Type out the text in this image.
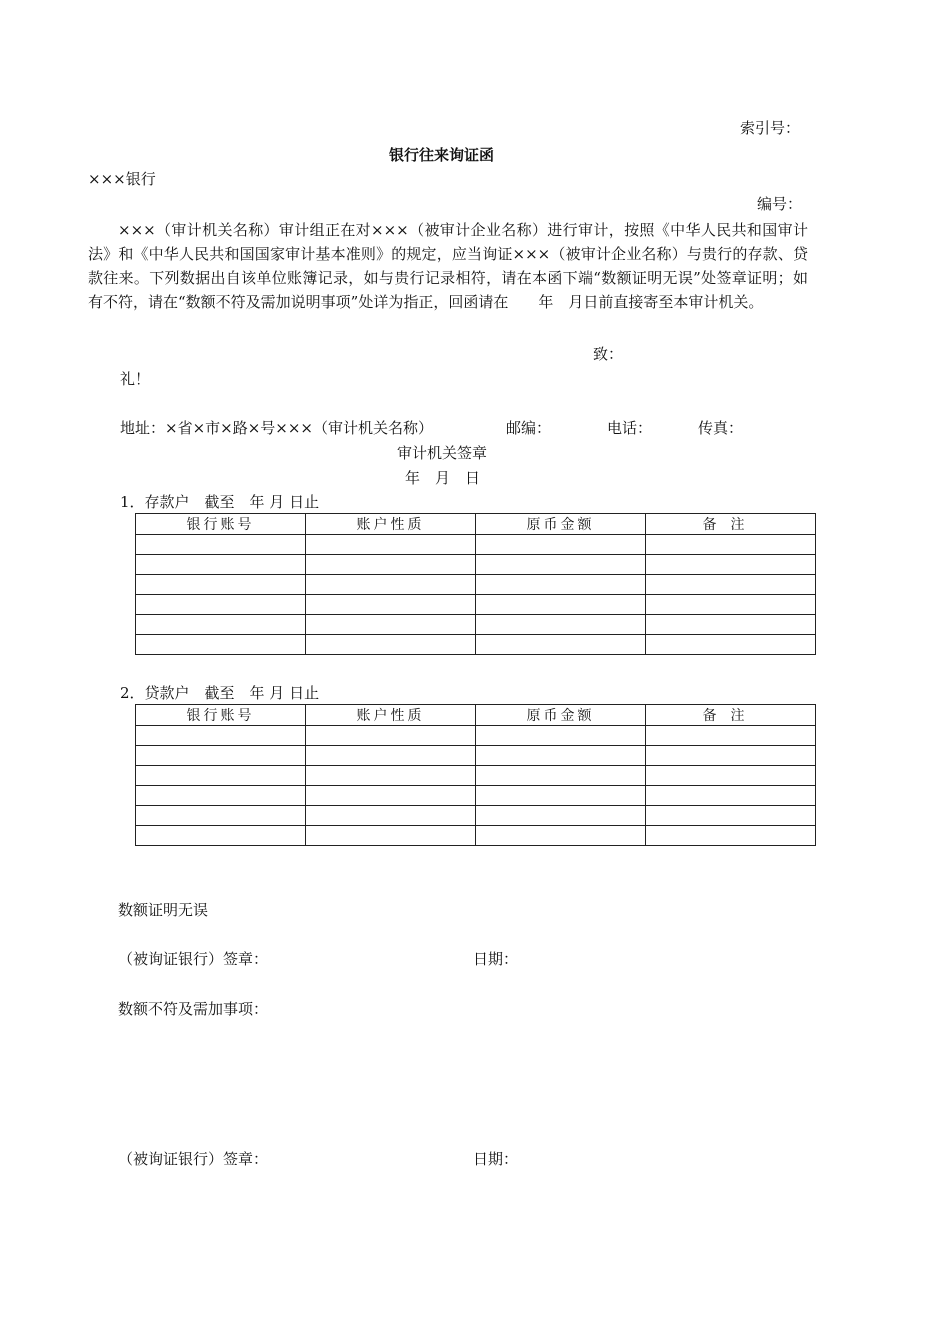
索引号：
银行往来询证函
×××银行
编号：
×××（审计机关名称）审计组正在对×××（被审计企业名称）进行审计，按照《中华人民共和国审计法》和《中华人民共和国国家审计基本准则》的规定，应当询证×××（被审计企业名称）与贵行的存款、贷款往来。下列数据出自该单位账簿记录，如与贵行记录相符，请在本函下端“数额证明无误”处签章证明；如有不符，请在“数额不符及需加说明事项”处详为指正，回函请在　　年　月日前直接寄至本审计机关。
致：
礼！
地址：×省×市×路×号×××（审计机关名称）	邮编：	电话：	传真：
审计机关签章
年　月　日
1．存款户　截至　年 月 日止
银行账号	账户性质	原币金额	备注

2．贷款户　截至　年 月 日止
银行账号	账户性质	原币金额	备注

数额证明无误
（被询证银行）签章：	日期：
数额不符及需加事项：
（被询证银行）签章：	日期：
